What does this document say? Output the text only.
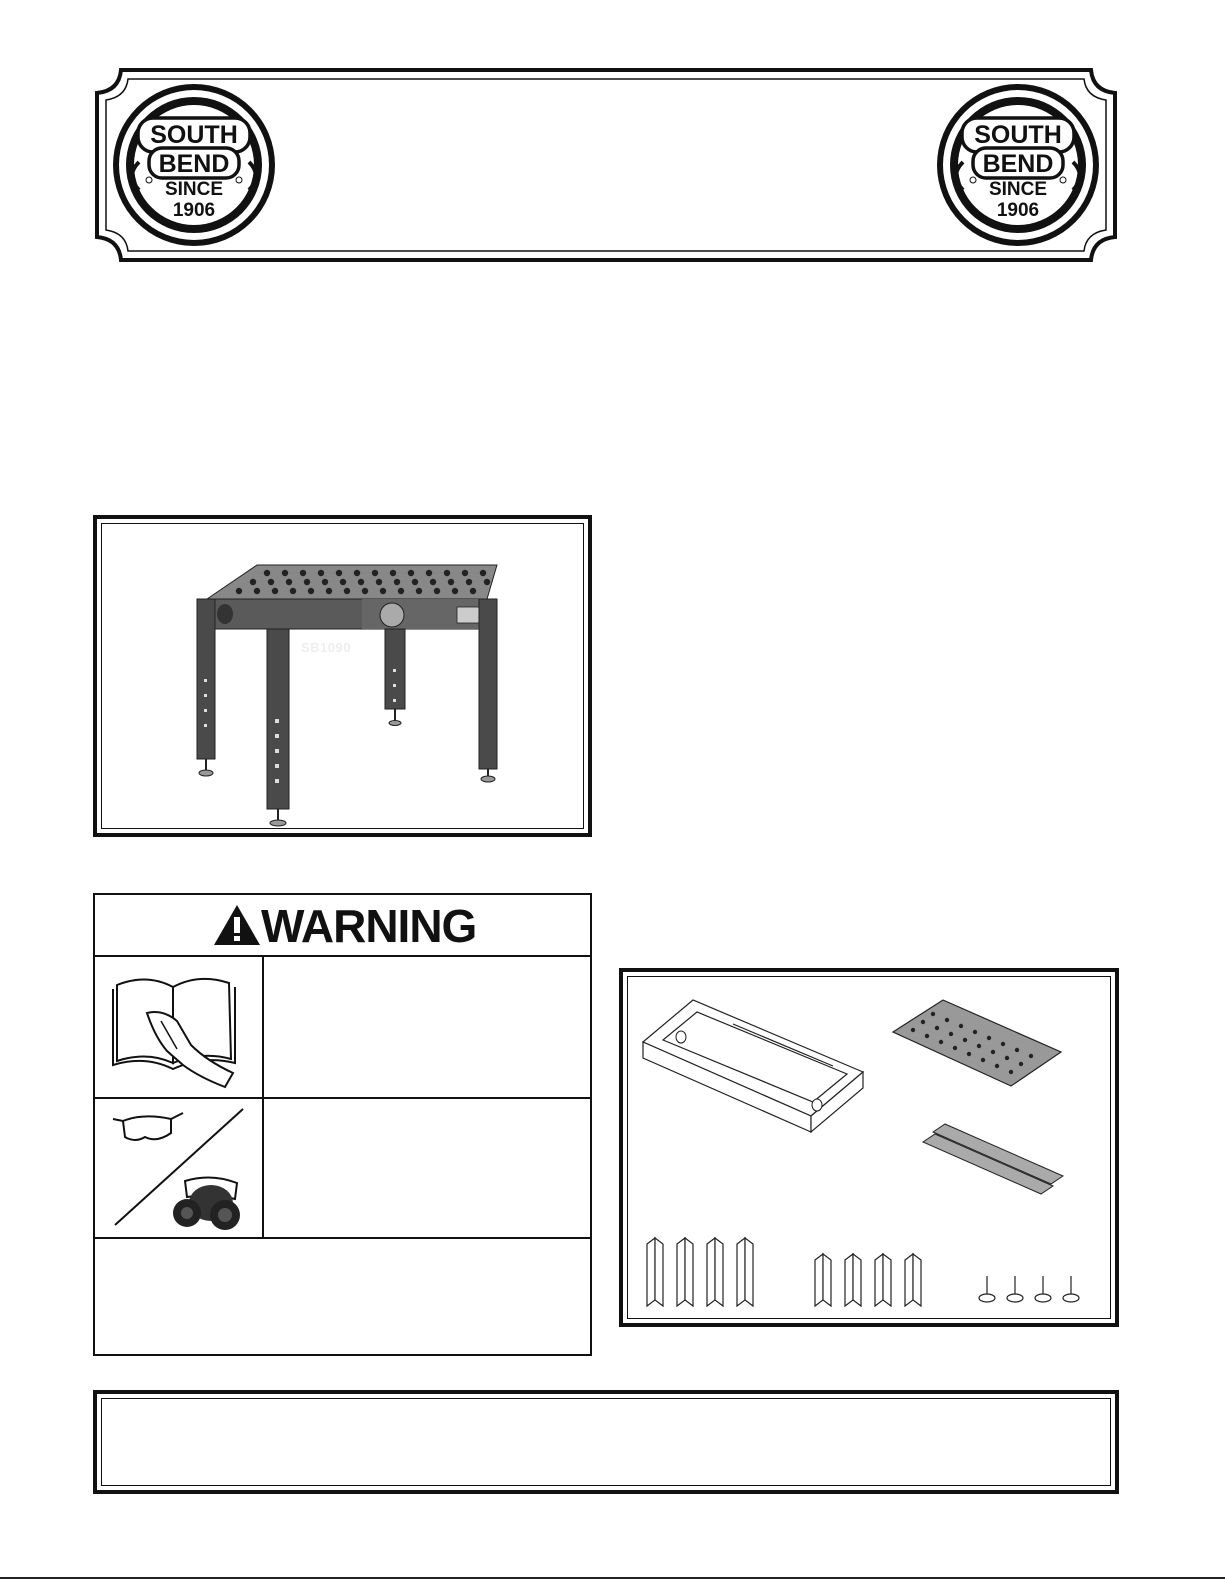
SOUTH
BEND
SINCE
1906
SOUTH
BEND
SINCE
1906
SB1090
WARNING
